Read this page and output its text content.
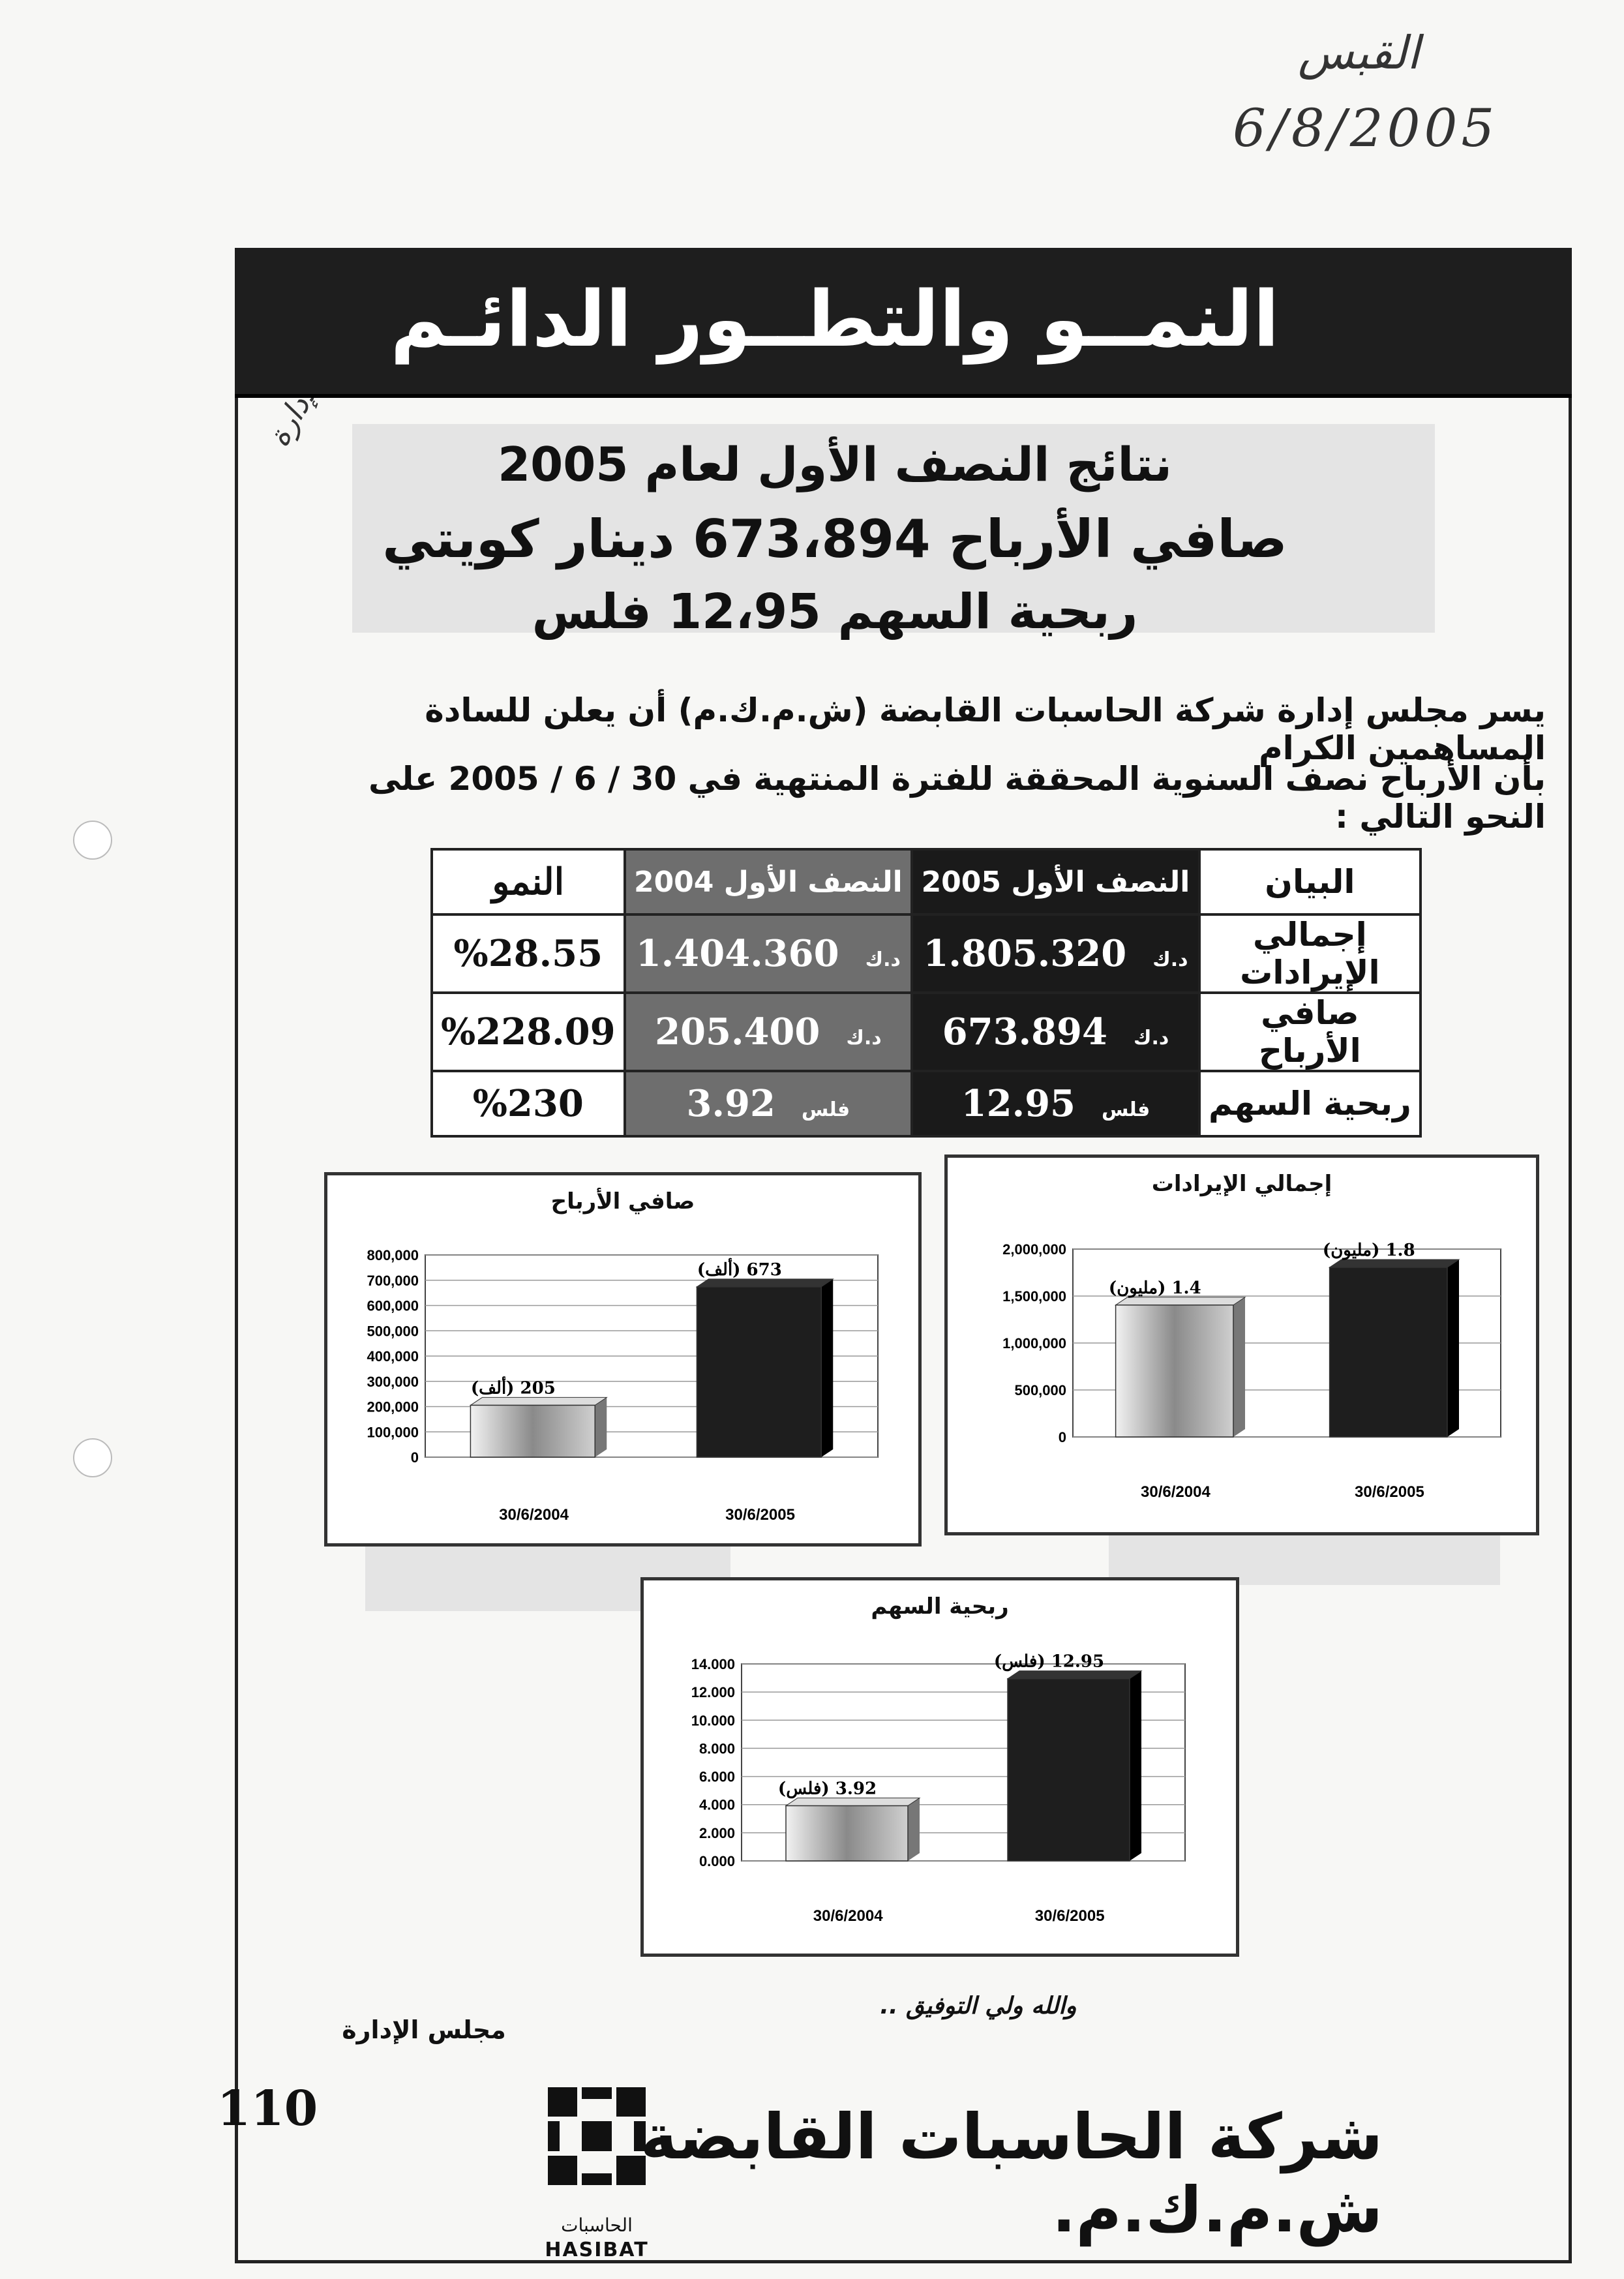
القبس
6/8/2005
النمــو والتطــور الدائـم
نتائج النصف الأول لعام 2005
صافي الأرباح 673،894 دينار كويتي
ربحية السهم 12،95 فلس
يسر مجلس إدارة شركة الحاسبات القابضة (ش.م.ك.م) أن يعلن للسادة المساهمين الكرام
بأن الأرباح نصف السنوية المحققة للفترة المنتهية في 30 / 6 / 2005 على النحو التالي :
البيان	النصف الأول 2005	النصف الأول 2004	النمو
إجمالي الإيرادات	د.ك1.805.320	د.ك1.404.360	%28.55
صافي الأرباح	د.ك673.894	د.ك205.400	%228.09
ربحية السهم	فلس12.95	فلس3.92	%230
إجمالي الإيرادات
0
500,000
1,000,000
1,500,000
2,000,000
1.4 (مليون)
30/6/2004
1.8 (مليون)
30/6/2005
صافي الأرباح
0
100,000
200,000
300,000
400,000
500,000
600,000
700,000
800,000
205 (ألف)
30/6/2004
673 (ألف)
30/6/2005
ربحية السهم
0.000
2.000
4.000
6.000
8.000
10.000
12.000
14.000
3.92 (فلس)
30/6/2004
12.95 (فلس)
30/6/2005
والله ولي التوفيق ..
مجلس الإدارة
110
الحاسبات
HASIBAT
شركة الحاسبات القابضة ش.م.ك.م.
